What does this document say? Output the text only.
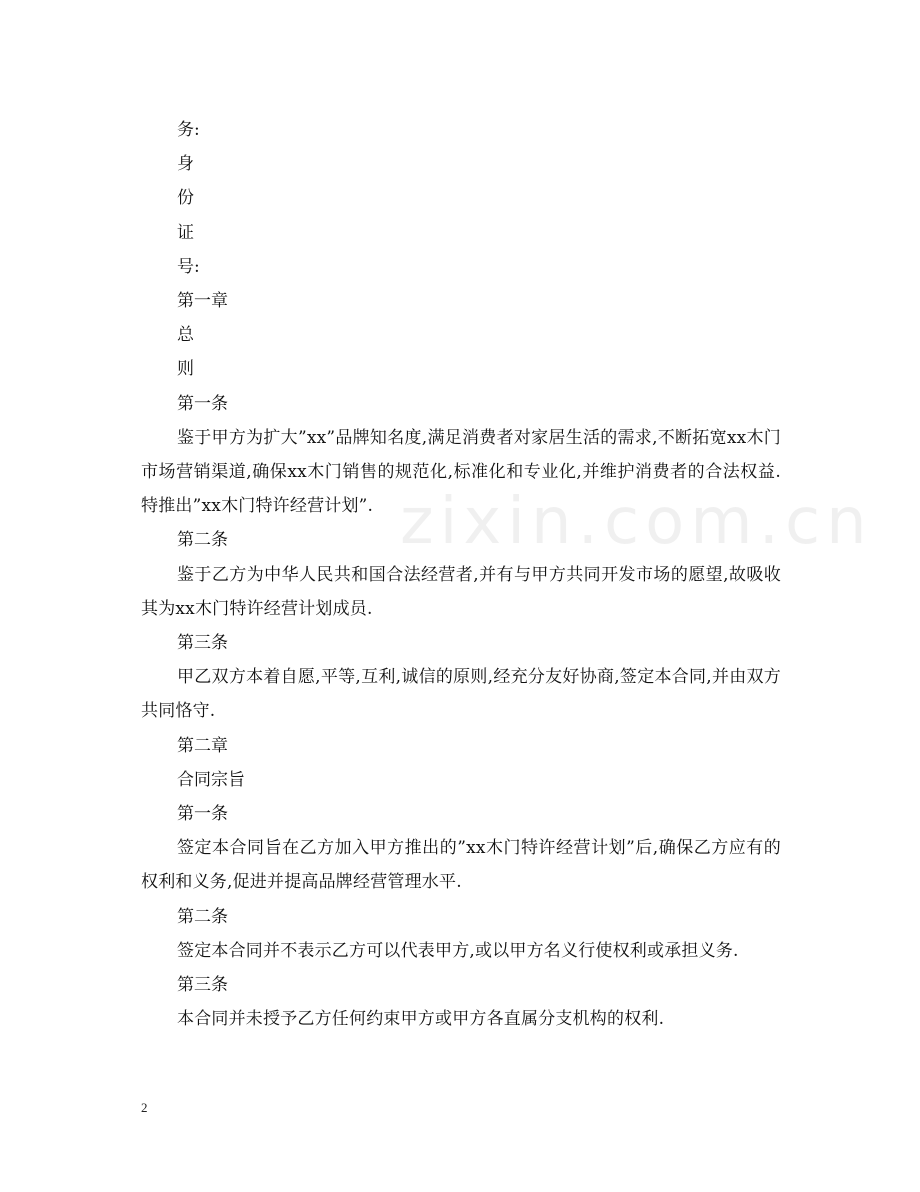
务:
身
份
证
号:
第一章
总
则
第一条
鉴于甲方为扩大”xx”品牌知名度,满足消费者对家居生活的需求,不断拓宽xx木门市场营销渠道,确保xx木门销售的规范化,标准化和专业化,并维护消费者的合法权益.特推出”xx木门特许经营计划”.
第二条
鉴于乙方为中华人民共和国合法经营者,并有与甲方共同开发市场的愿望,故吸收其为xx木门特许经营计划成员.
第三条
甲乙双方本着自愿,平等,互利,诚信的原则,经充分友好协商,签定本合同,并由双方共同恪守.
第二章
合同宗旨
第一条
签定本合同旨在乙方加入甲方推出的”xx木门特许经营计划”后,确保乙方应有的权利和义务,促进并提高品牌经营管理水平.
第二条
签定本合同并不表示乙方可以代表甲方,或以甲方名义行使权利或承担义务.
第三条
本合同并未授予乙方任何约束甲方或甲方各直属分支机构的权利.
zixin.com.cn
2
